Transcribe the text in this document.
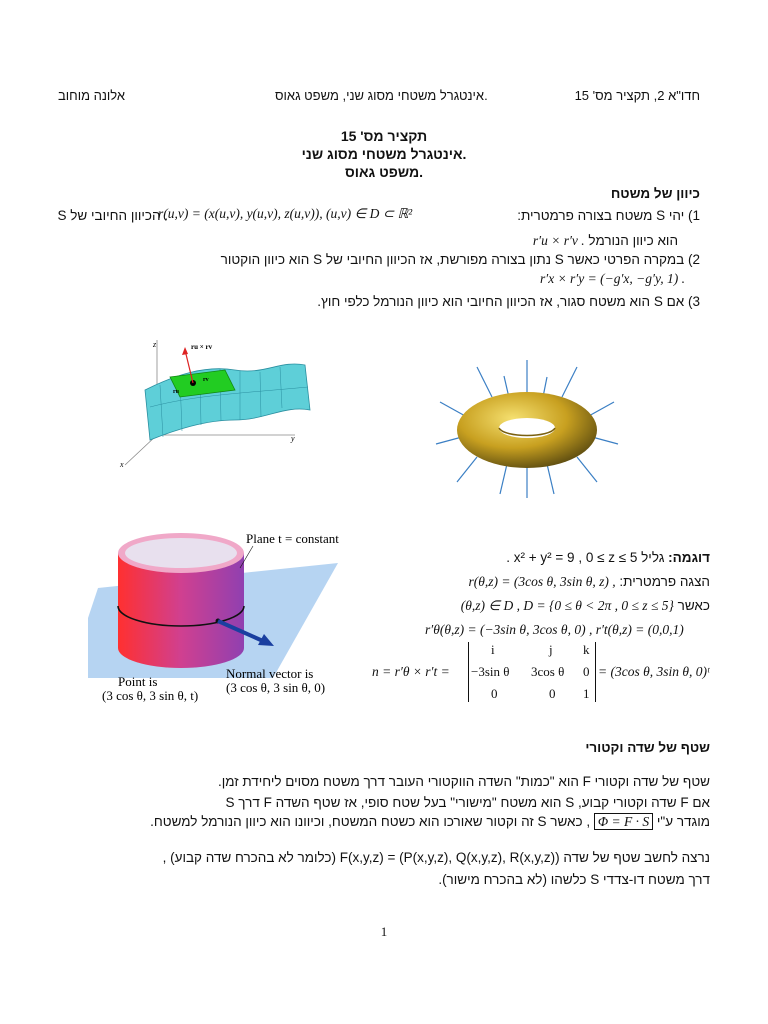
חדו"א 2, תקציר מס' 15
אינטגרל משטחי מסוג שני, משפט גאוס.
אלונה מוחוב
תקציר מס' 15
אינטגרל משטחי מסוג שני.
משפט גאוס.
כיוון של משטח
1) יהי S משטח בצורה פרמטרית:
r(u,v) = (x(u,v), y(u,v), z(u,v)), (u,v) ∈ D ⊂ ℝ²
. הכיוון החיובי של S
הוא כיוון הנורמל r′u × r′v .
2) במקרה הפרטי כאשר S נתון בצורה מפורשת, אז הכיוון החיובי של S הוא כיוון הוקטור
r′x × r′y = (−g′x, −g′y, 1) .
3) אם S הוא משטח סגור, אז הכיוון החיובי הוא כיוון הנורמל כלפי חוץ.
z
y
x
ru × rv
ru
rv
Plane t = constant
Normal vector is
(3 cos θ, 3 sin θ, 0)
Point is
(3 cos θ, 3 sin θ, t)
דוגמה: גליל x² + y² = 9 , 0 ≤ z ≤ 5 .
הצגה פרמטרית: r(θ,z) = (3cos θ, 3sin θ, z) ,
כאשר (θ,z) ∈ D , D = {0 ≤ θ < 2π , 0 ≤ z ≤ 5}
r′θ(θ,z) = (−3sin θ, 3cos θ, 0) , r′t(θ,z) = (0,0,1)
n = r′θ × r′t =
i	j k
−3sin θ 3cos θ 0
0	0 1
= (3cos θ, 3sin θ, 0)ᵗ
שטף של שדה וקטורי
שטף של שדה וקטורי F הוא "כמות" השדה הווקטורי העובר דרך משטח מסוים ליחידת זמן.
אם F שדה וקטורי קבוע, S הוא משטח "מישורי" בעל שטח סופי, אז שטף השדה F דרך S
מוגדר ע"י Φ = F · S , כאשר S זה וקטור שאורכו הוא כשטח המשטח, וכיוונו הוא כיוון הנורמל למשטח.
נרצה לחשב שטף של שדה F(x,y,z) = (P(x,y,z), Q(x,y,z), R(x,y,z)) (כלומר לא בהכרח שדה קבוע) ,
דרך משטח דו-צדדי S כלשהו (לא בהכרח מישור).
1
